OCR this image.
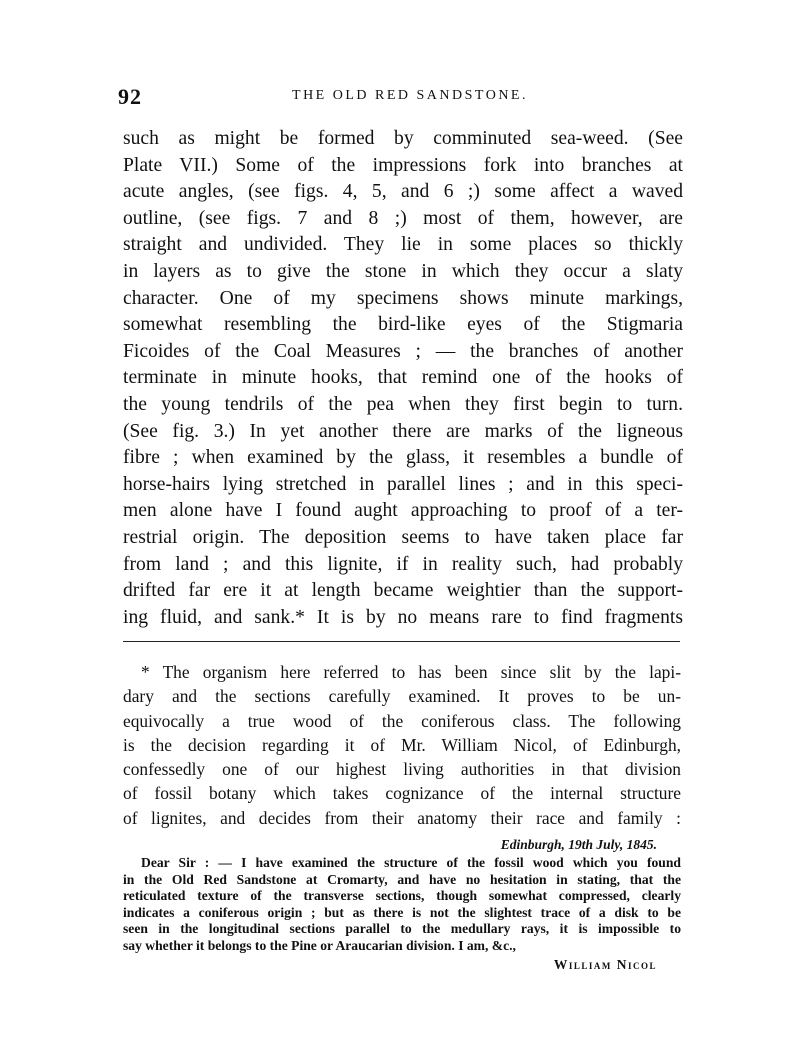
92	THE OLD RED SANDSTONE.
such as might be formed by comminuted sea-weed. (See
Plate VII.) Some of the impressions fork into branches at
acute angles, (see figs. 4, 5, and 6 ;) some affect a waved
outline, (see figs. 7 and 8 ;) most of them, however, are
straight and undivided. They lie in some places so thickly
in layers as to give the stone in which they occur a slaty
character. One of my specimens shows minute markings,
somewhat resembling the bird-like eyes of the Stigmaria
Ficoides of the Coal Measures ; — the branches of another
terminate in minute hooks, that remind one of the hooks of
the young tendrils of the pea when they first begin to turn.
(See fig. 3.) In yet another there are marks of the ligneous
fibre ; when examined by the glass, it resembles a bundle of
horse-hairs lying stretched in parallel lines ; and in this speci-
men alone have I found aught approaching to proof of a ter-
restrial origin. The deposition seems to have taken place far
from land ; and this lignite, if in reality such, had probably
drifted far ere it at length became weightier than the support-
ing fluid, and sank.* It is by no means rare to find fragments
* The organism here referred to has been since slit by the lapi-
dary and the sections carefully examined. It proves to be un-
equivocally a true wood of the coniferous class. The following
is the decision regarding it of Mr. William Nicol, of Edinburgh,
confessedly one of our highest living authorities in that division
of fossil botany which takes cognizance of the internal structure
of lignites, and decides from their anatomy their race and family :
Edinburgh, 19th July, 1845.
Dear Sir : — I have examined the structure of the fossil wood which you found
in the Old Red Sandstone at Cromarty, and have no hesitation in stating, that the
reticulated texture of the transverse sections, though somewhat compressed, clearly
indicates a coniferous origin ; but as there is not the slightest trace of a disk to be
seen in the longitudinal sections parallel to the medullary rays, it is impossible to
say whether it belongs to the Pine or Araucarian division. I am, &c.,
William Nicol
